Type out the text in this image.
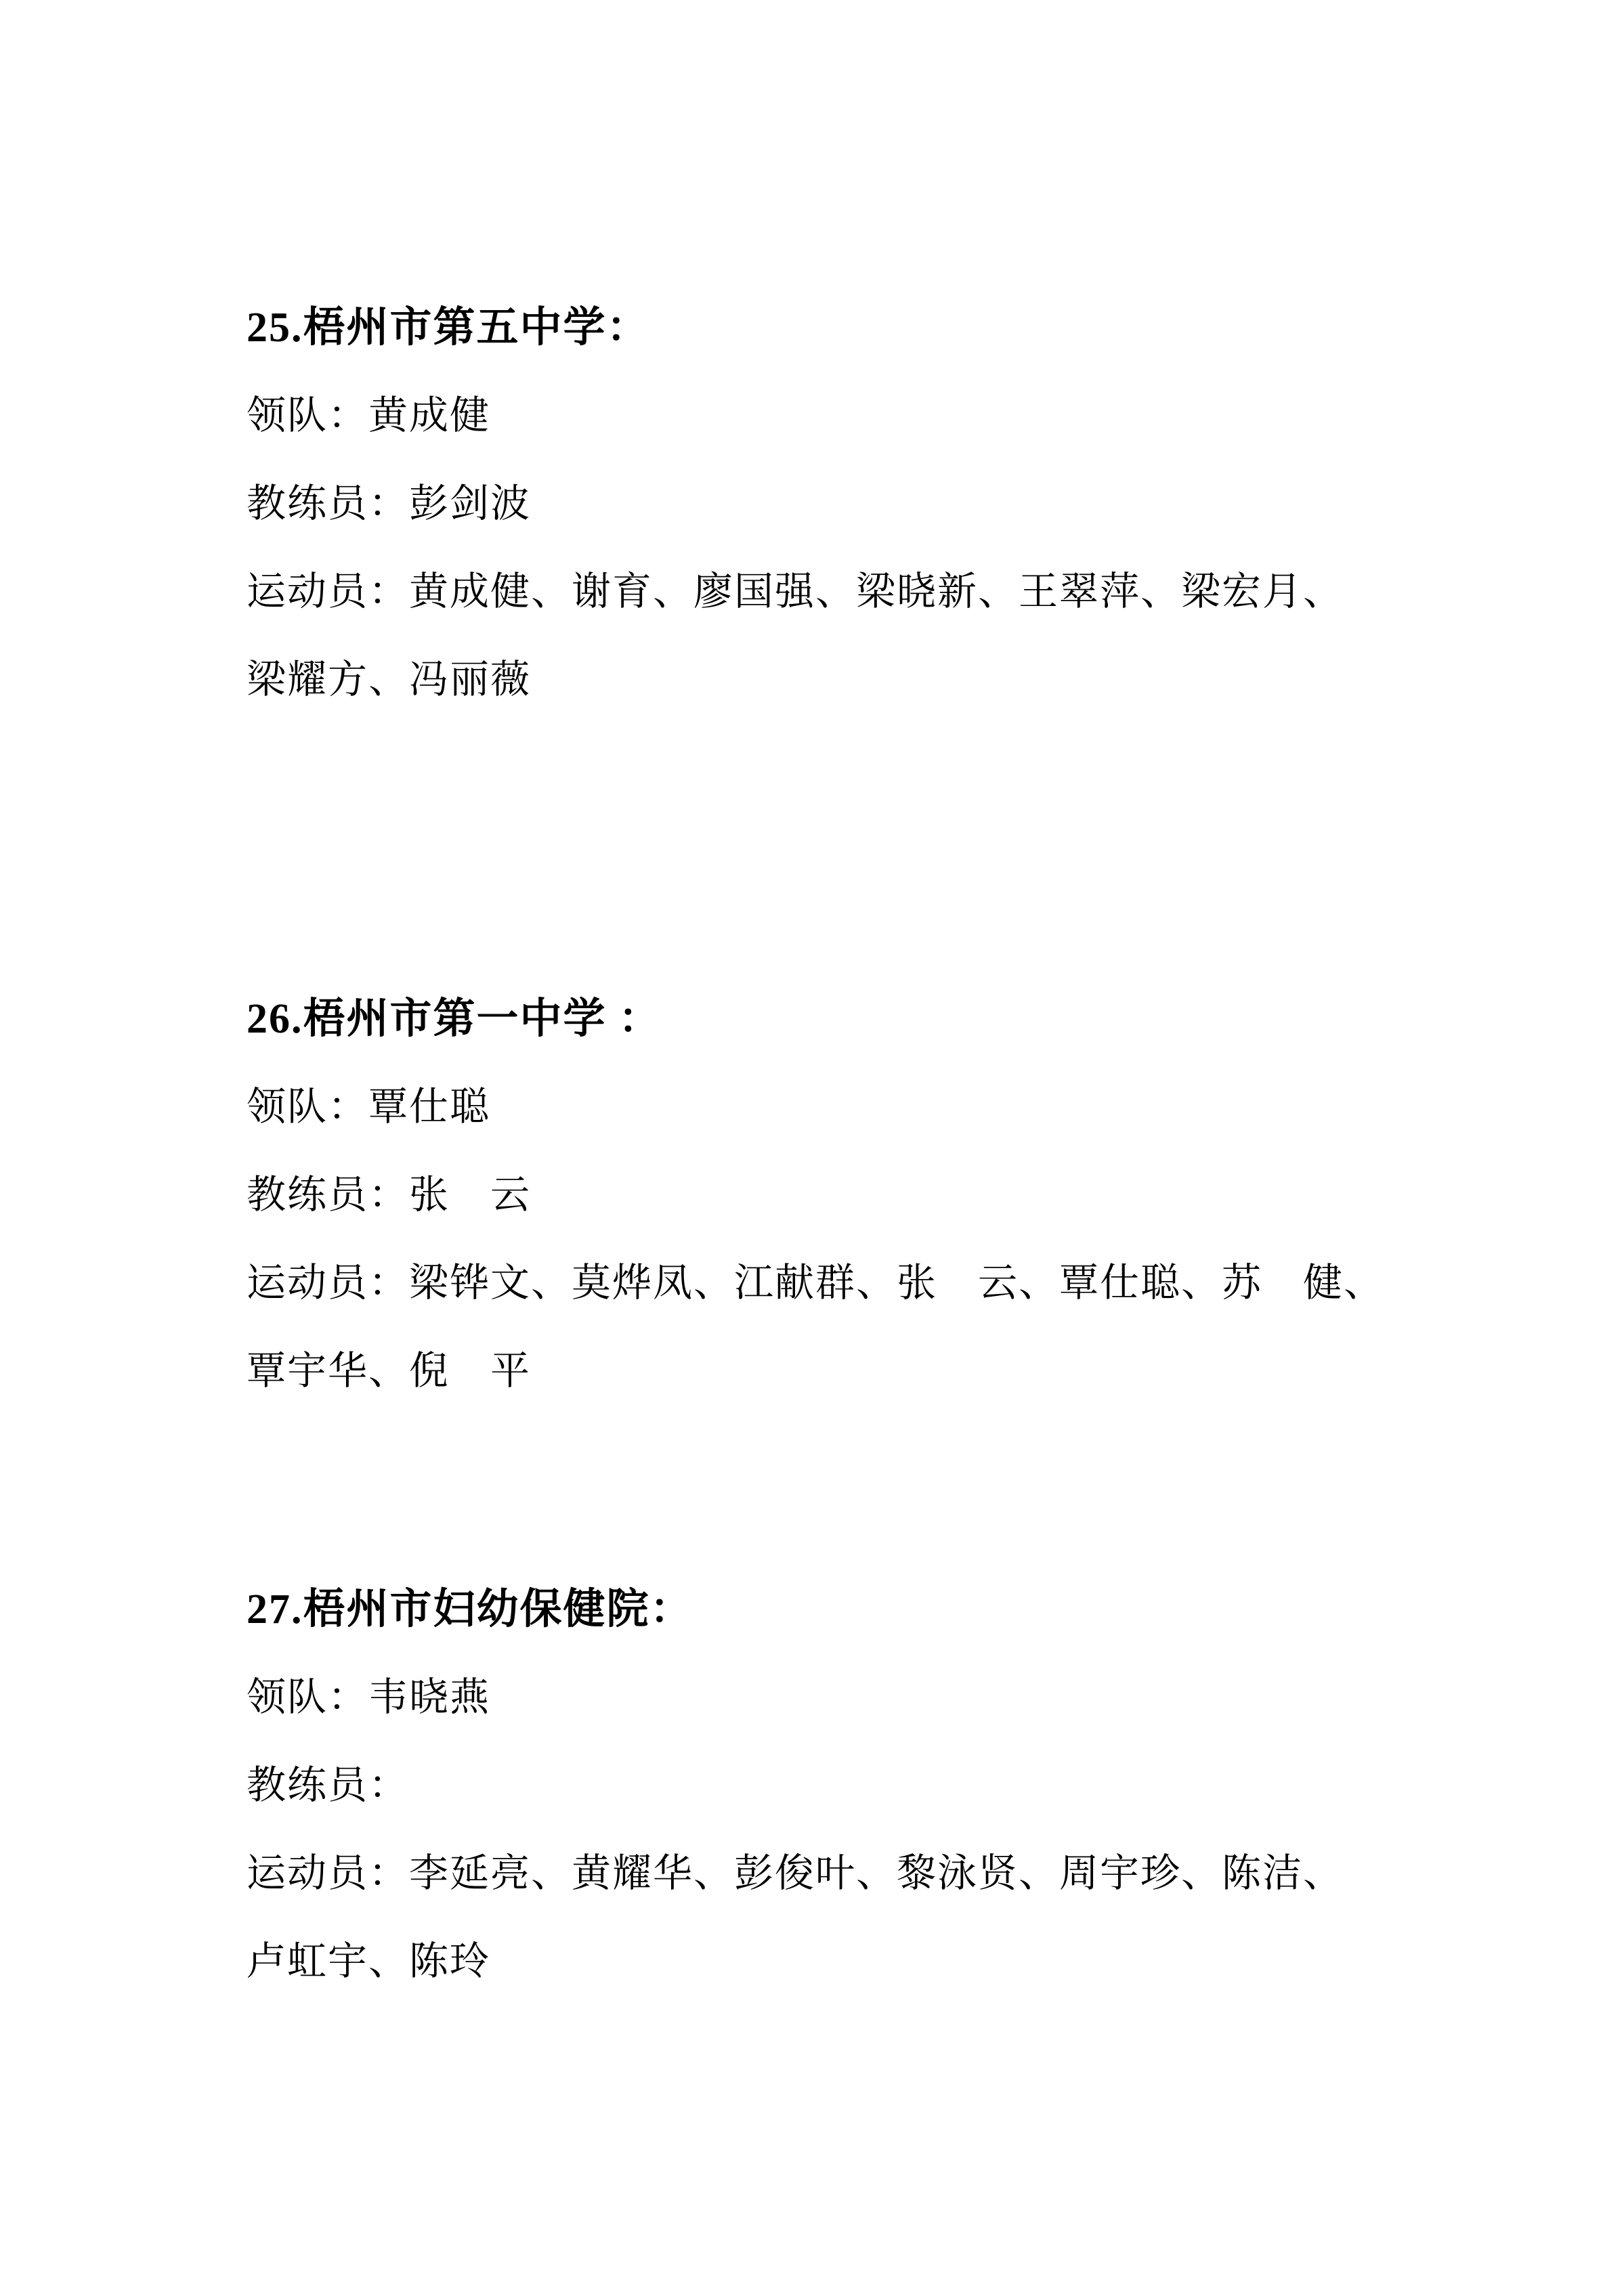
25.梧州市第五中学：

领队：黄成健

教练员：彭剑波

运动员：黄成健、谢育、廖国强、梁晓新、王翠萍、梁宏月、

梁耀方、冯丽薇

26.梧州市第一中学 ：

领队：覃仕聪

教练员：张　云

运动员：梁铧文、莫烨凤、江献群、张　云、覃仕聪、苏　健、

覃宇华、倪　平

27.梧州市妇幼保健院：

领队：韦晓燕

教练员：

运动员：李延亮、黄耀华、彭俊叶、黎泳贤、周宇珍、陈洁、

卢虹宇、陈玲
